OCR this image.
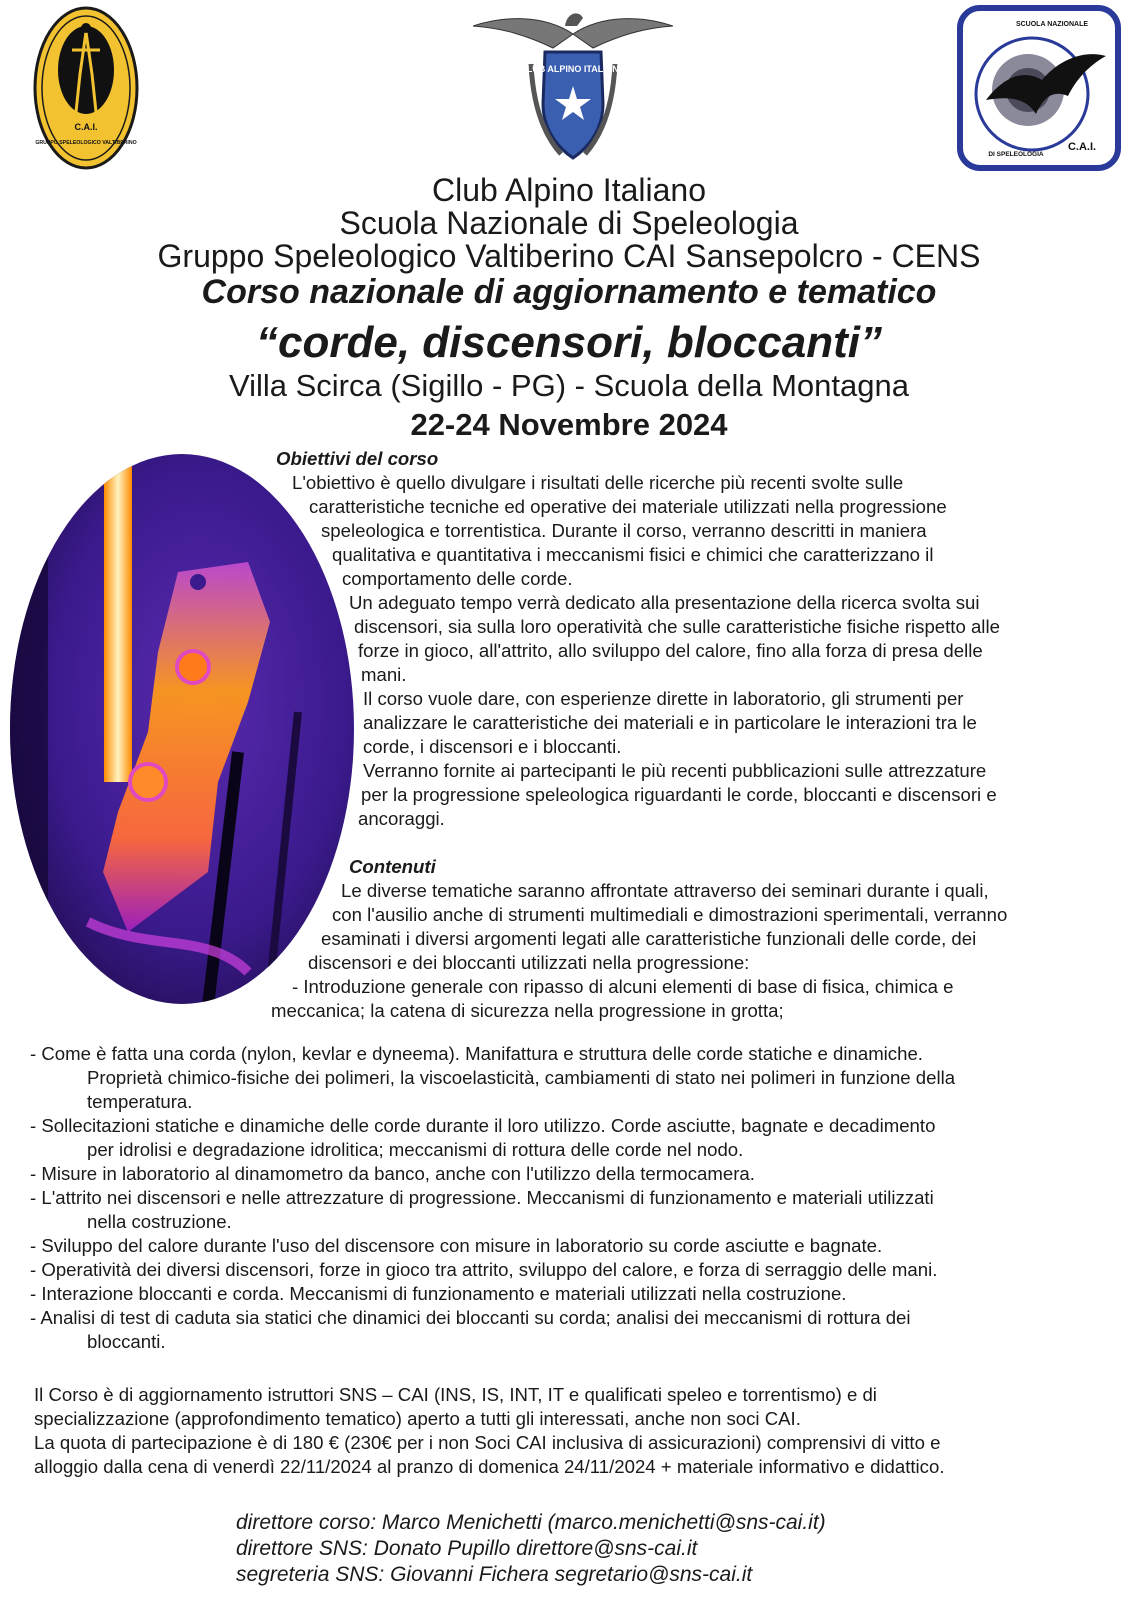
C.A.I.
GRUPPO SPELEOLOGICO VALTIBERINO
CLUB ALPINO ITALIANO
SCUOLA NAZIONALE
DI SPELEOLOGIA
C.A.I.
Club Alpino Italiano
Scuola Nazionale di Speleologia
Gruppo Speleologico Valtiberino CAI Sansepolcro - CENS
Corso nazionale di aggiornamento e tematico
“corde, discensori, bloccanti”
Villa Scirca (Sigillo - PG) - Scuola della Montagna
22-24 Novembre 2024
Obiettivi del corso
L'obiettivo è quello divulgare i risultati delle ricerche più recenti svolte sulle
caratteristiche tecniche ed operative dei materiale utilizzati nella progressione
speleologica e torrentistica. Durante il corso, verranno descritti in maniera
qualitativa e quantitativa i meccanismi fisici e chimici che caratterizzano il
comportamento delle corde.
Un adeguato tempo verrà dedicato alla presentazione della ricerca svolta sui
discensori, sia sulla loro operatività che sulle caratteristiche fisiche rispetto alle
forze in gioco, all'attrito, allo sviluppo del calore, fino alla forza di presa delle
mani.
Il corso vuole dare, con esperienze dirette in laboratorio, gli strumenti per
analizzare le caratteristiche dei materiali e in particolare le interazioni tra le
corde, i discensori e i bloccanti.
Verranno fornite ai partecipanti le più recenti pubblicazioni sulle attrezzature
per la progressione speleologica riguardanti le corde, bloccanti e discensori e
ancoraggi.
Contenuti
Le diverse tematiche saranno affrontate attraverso dei seminari durante i quali,
con l'ausilio anche di strumenti multimediali e dimostrazioni sperimentali, verranno
esaminati i diversi argomenti legati alle caratteristiche funzionali delle corde, dei
discensori e dei bloccanti utilizzati nella progressione:
- Introduzione generale con ripasso di alcuni elementi di base di fisica, chimica e
meccanica; la catena di sicurezza nella progressione in grotta;
- Come è fatta una corda (nylon, kevlar e dyneema). Manifattura e struttura delle corde statiche e dinamiche.
Proprietà chimico-fisiche dei polimeri, la viscoelasticità, cambiamenti di stato nei polimeri in funzione della
temperatura.
- Sollecitazioni statiche e dinamiche delle corde durante il loro utilizzo. Corde asciutte, bagnate e decadimento
per idrolisi e degradazione idrolitica; meccanismi di rottura delle corde nel nodo.
- Misure in laboratorio al dinamometro da banco, anche con l'utilizzo della termocamera.
- L'attrito nei discensori e nelle attrezzature di progressione. Meccanismi di funzionamento e materiali utilizzati
nella costruzione.
- Sviluppo del calore durante l'uso del discensore con misure in laboratorio su corde asciutte e bagnate.
- Operatività dei diversi discensori, forze in gioco tra attrito, sviluppo del calore, e forza di serraggio delle mani.
- Interazione bloccanti e corda. Meccanismi di funzionamento e materiali utilizzati nella costruzione.
- Analisi di test di caduta sia statici che dinamici dei bloccanti su corda; analisi dei meccanismi di rottura dei
bloccanti.
Il Corso è di aggiornamento istruttori SNS – CAI (INS, IS, INT, IT e qualificati speleo e torrentismo) e di
specializzazione (approfondimento tematico) aperto a tutti gli interessati, anche non soci CAI.
La quota di partecipazione è di 180 € (230€ per i non Soci CAI inclusiva di assicurazioni) comprensivi di vitto e
alloggio dalla cena di venerdì 22/11/2024 al pranzo di domenica 24/11/2024 + materiale informativo e didattico.
direttore corso: Marco Menichetti (marco.menichetti@sns-cai.it)
direttore SNS: Donato Pupillo direttore@sns-cai.it
segreteria SNS: Giovanni Fichera segretario@sns-cai.it
